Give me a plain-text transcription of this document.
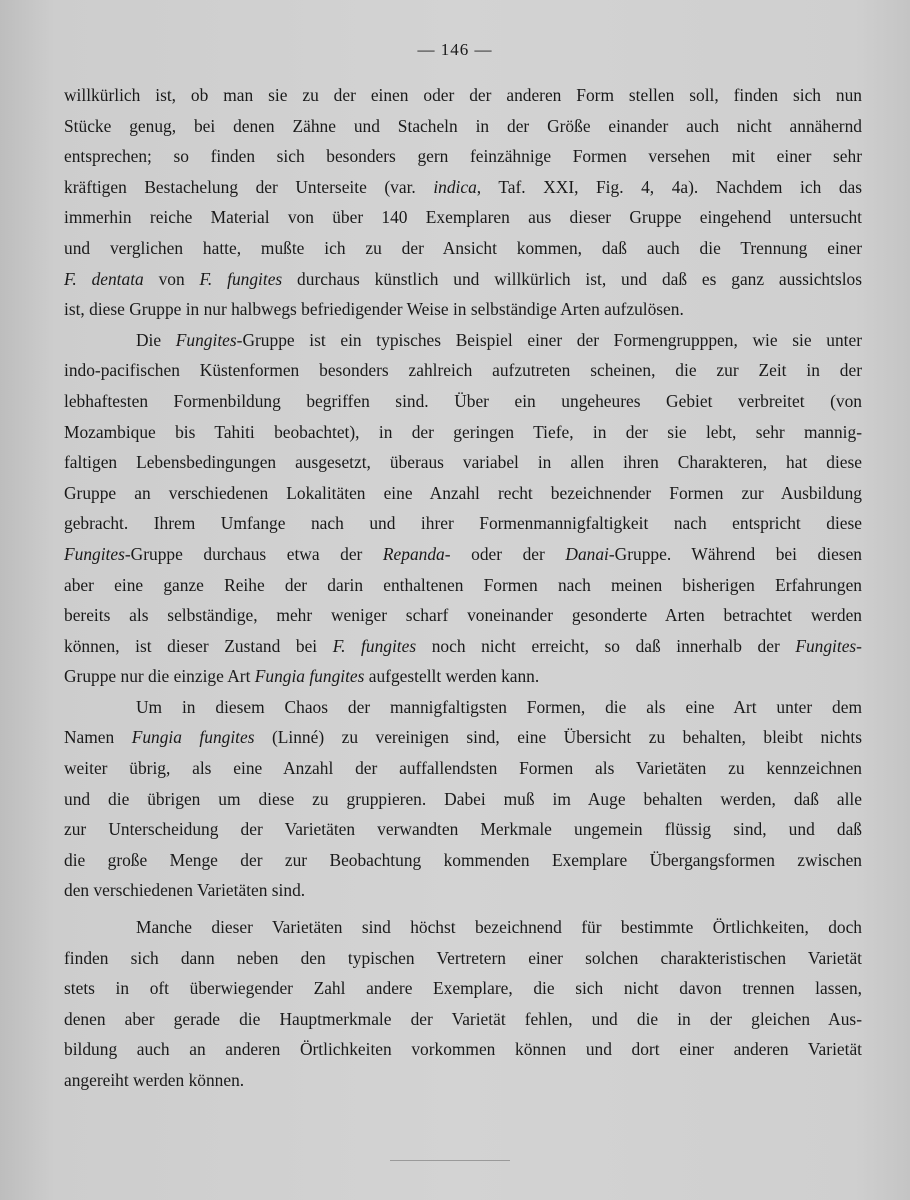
— 146 —
willkürlich ist, ob man sie zu der einen oder der anderen Form stellen soll, finden sich nun
Stücke genug, bei denen Zähne und Stacheln in der Größe einander auch nicht annähernd
entsprechen; so finden sich besonders gern feinzähnige Formen versehen mit einer sehr
kräftigen Bestachelung der Unterseite (var. indica, Taf. XXI, Fig. 4, 4a). Nachdem ich das
immerhin reiche Material von über 140 Exemplaren aus dieser Gruppe eingehend untersucht
und verglichen hatte, mußte ich zu der Ansicht kommen, daß auch die Trennung einer
F. dentata von F. fungites durchaus künstlich und willkürlich ist, und daß es ganz aussichtslos
ist, diese Gruppe in nur halbwegs befriedigender Weise in selbständige Arten aufzulösen.
Die Fungites-Gruppe ist ein typisches Beispiel einer der Formengrupppen, wie sie unter
indo-pacifischen Küstenformen besonders zahlreich aufzutreten scheinen, die zur Zeit in der
lebhaftesten Formenbildung begriffen sind. Über ein ungeheures Gebiet verbreitet (von
Mozambique bis Tahiti beobachtet), in der geringen Tiefe, in der sie lebt, sehr mannig-
faltigen Lebensbedingungen ausgesetzt, überaus variabel in allen ihren Charakteren, hat diese
Gruppe an verschiedenen Lokalitäten eine Anzahl recht bezeichnender Formen zur Ausbildung
gebracht. Ihrem Umfange nach und ihrer Formenmannigfaltigkeit nach entspricht diese
Fungites-Gruppe durchaus etwa der Repanda- oder der Danai-Gruppe. Während bei diesen
aber eine ganze Reihe der darin enthaltenen Formen nach meinen bisherigen Erfahrungen
bereits als selbständige, mehr weniger scharf voneinander gesonderte Arten betrachtet werden
können, ist dieser Zustand bei F. fungites noch nicht erreicht, so daß innerhalb der Fungites-
Gruppe nur die einzige Art Fungia fungites aufgestellt werden kann.
Um in diesem Chaos der mannigfaltigsten Formen, die als eine Art unter dem
Namen Fungia fungites (Linné) zu vereinigen sind, eine Übersicht zu behalten, bleibt nichts
weiter übrig, als eine Anzahl der auffallendsten Formen als Varietäten zu kennzeichnen
und die übrigen um diese zu gruppieren. Dabei muß im Auge behalten werden, daß alle
zur Unterscheidung der Varietäten verwandten Merkmale ungemein flüssig sind, und daß
die große Menge der zur Beobachtung kommenden Exemplare Übergangsformen zwischen
den verschiedenen Varietäten sind.
Manche dieser Varietäten sind höchst bezeichnend für bestimmte Örtlichkeiten, doch
finden sich dann neben den typischen Vertretern einer solchen charakteristischen Varietät
stets in oft überwiegender Zahl andere Exemplare, die sich nicht davon trennen lassen,
denen aber gerade die Hauptmerkmale der Varietät fehlen, und die in der gleichen Aus-
bildung auch an anderen Örtlichkeiten vorkommen können und dort einer anderen Varietät
angereiht werden können.
